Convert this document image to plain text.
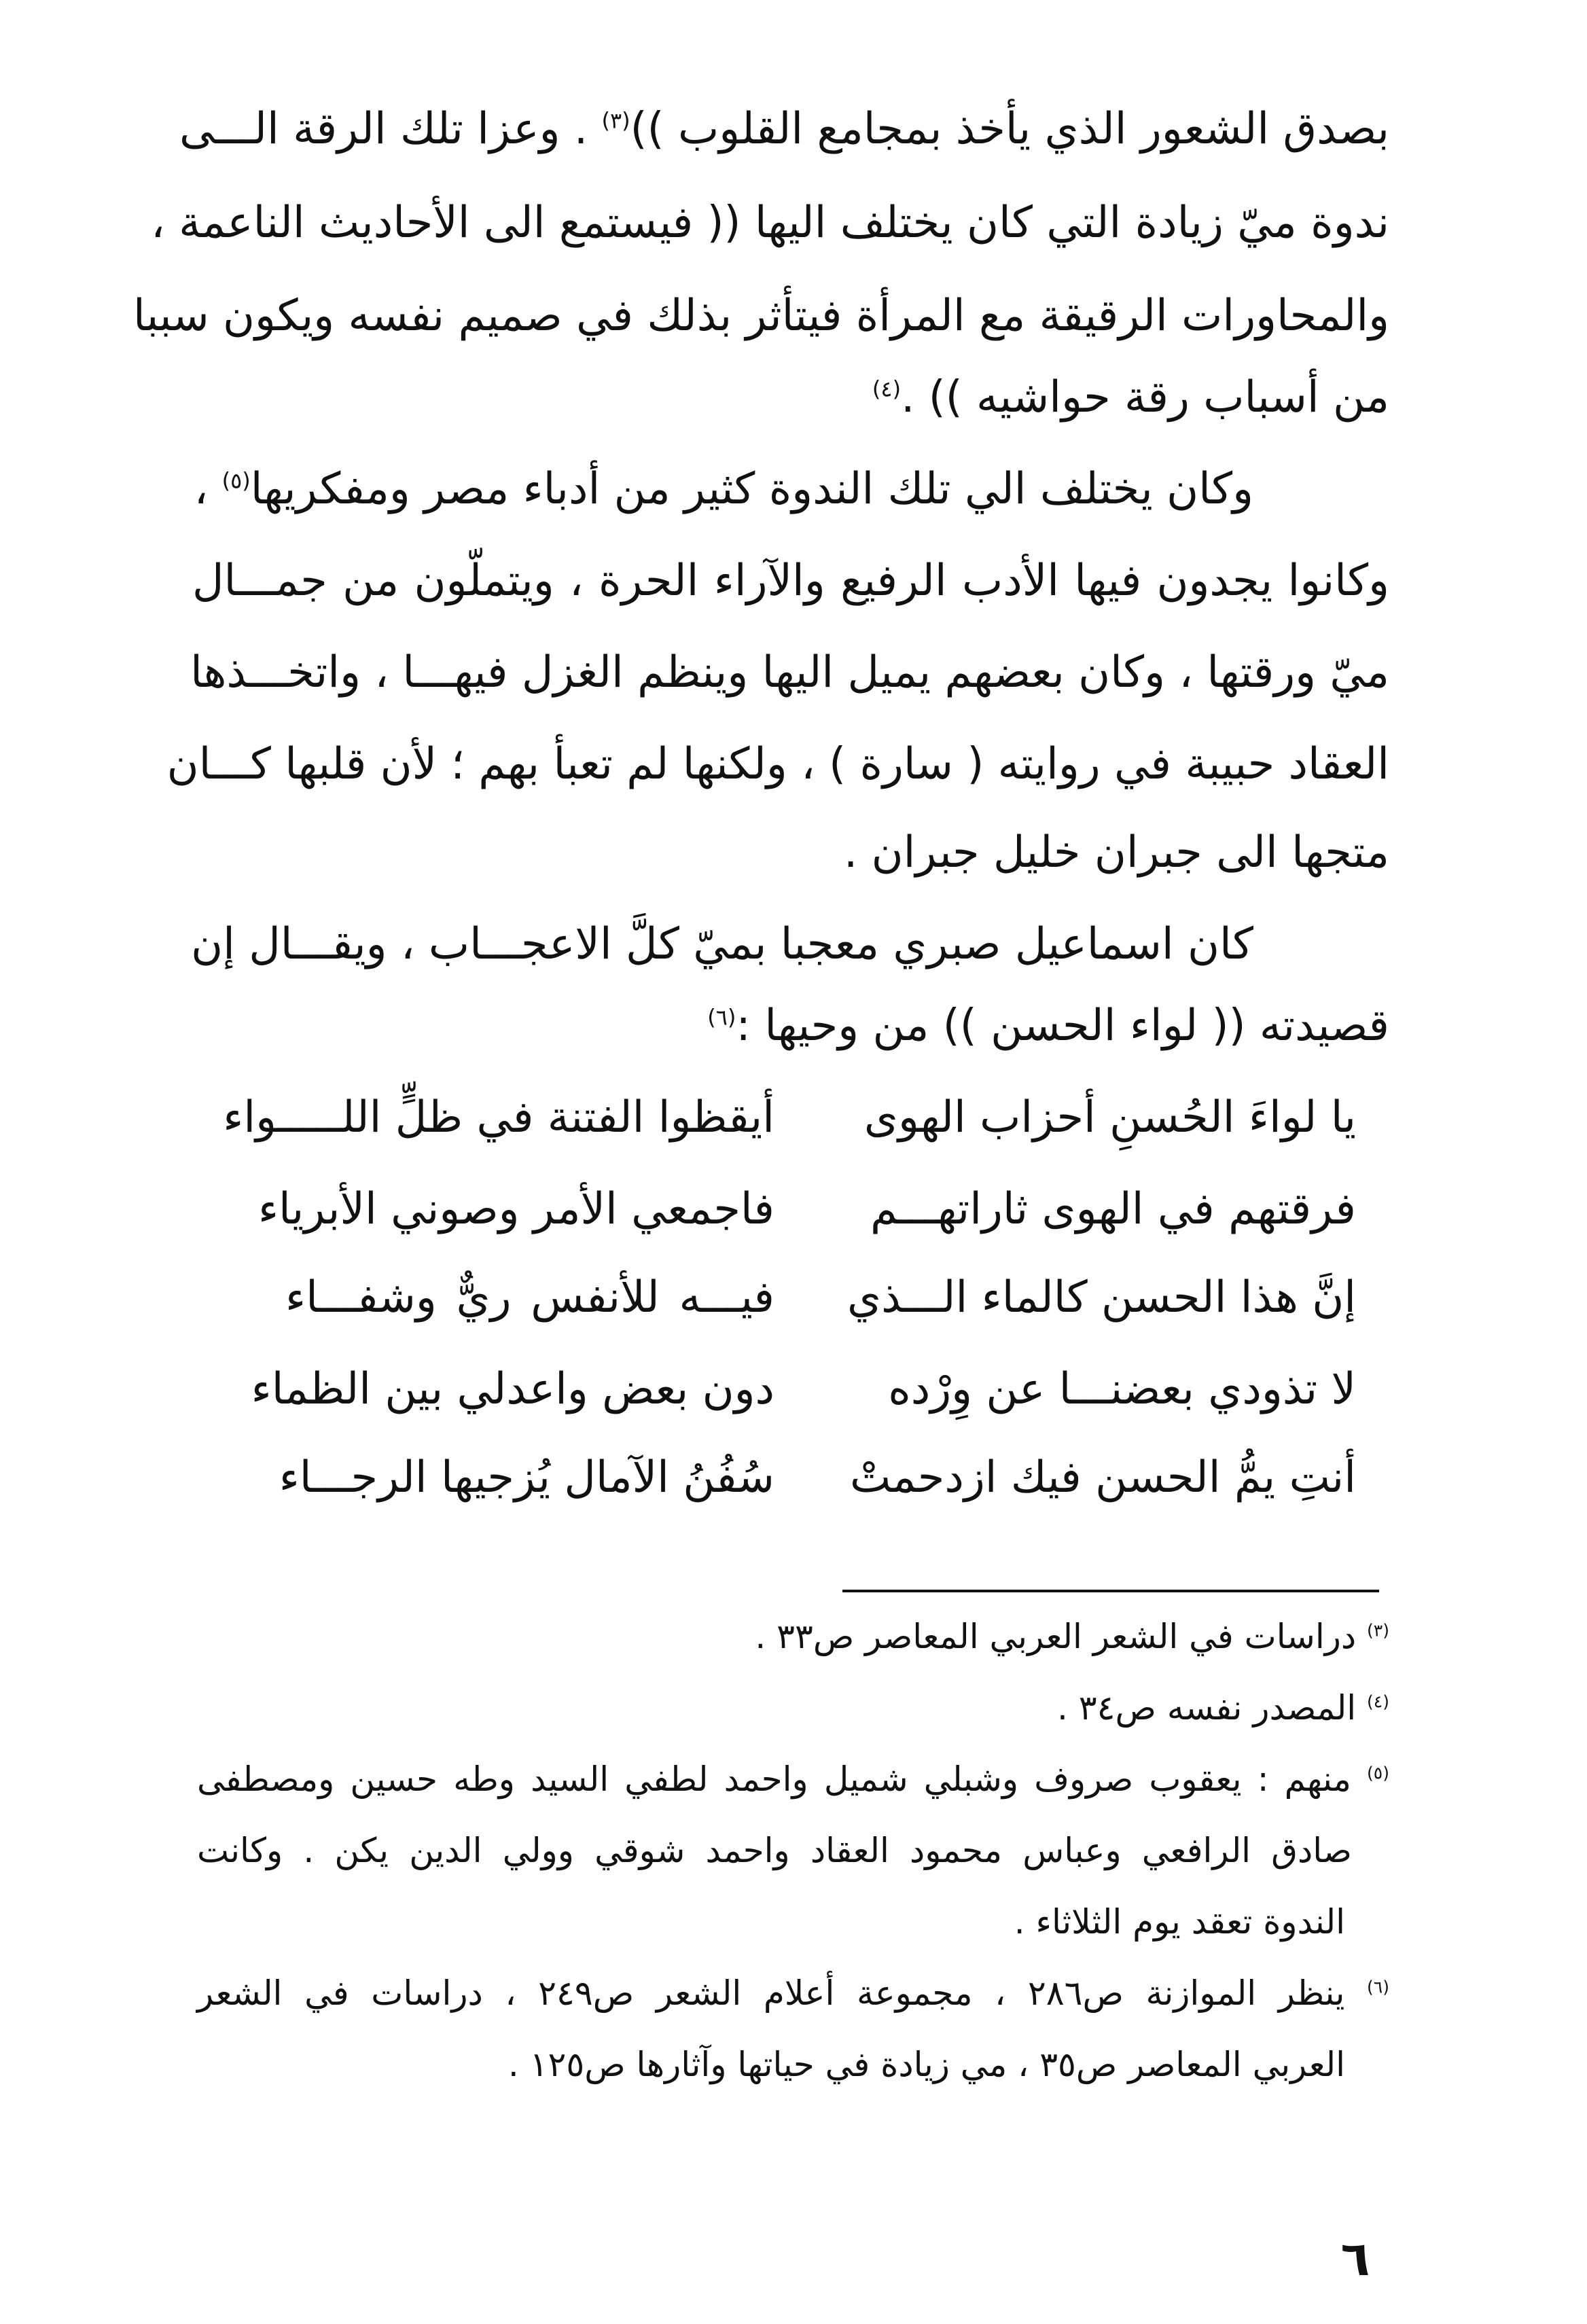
بصدق الشعور الذي يأخذ بمجامع القلوب ))$^{(٣)}$ . وعزا تلك الرقة الـــى

ندوة ميّ زيادة التي كان يختلف اليها (( فيستمع الى الأحاديث الناعمة ،

والمحاورات الرقيقة مع المرأة فيتأثر بذلك في صميم نفسه ويكون سببا

من أسباب رقة حواشيه )) .$^{(٤)}$

وكان يختلف الي تلك الندوة كثير من أدباء مصر ومفكريها$^{(٥)}$ ،

وكانوا يجدون فيها الأدب الرفيع والآراء الحرة ، ويتملّون من جمـــال

ميّ ورقتها ، وكان بعضهم يميل اليها وينظم الغزل فيهـــا ، واتخـــذها

العقاد حبيبة في روايته ( سارة ) ، ولكنها لم تعبأ بهم ؛ لأن قلبها كـــان

متجها الى جبران خليل جبران .

كان اسماعيل صبري معجبا بميّ كلَّ الاعجـــاب ، ويقـــال إن

قصيدته (( لواء الحسن )) من وحيها :$^{(٦)}$

يا لواءَ الحُسنِ أحزاب الهوى

أيقظوا الفتنة في ظلٍّ اللـــــواء

فرقتهم في الهوى ثاراتهـــم

فاجمعي الأمر وصوني الأبرياء

إنَّ هذا الحسن كالماء الـــذي

فيـــه للأنفس ريٌّ وشفـــاء

لا تذودي بعضنـــا عن وِرْده

دون بعض واعدلي بين الظماء

أنتِ يمُّ الحسن فيك ازدحمتْ

سُفُنُ الآمال يُزجيها الرجـــاء

$^{(٣)}$ دراسات في الشعر العربي المعاصر ص٣٣ .

$^{(٤)}$ المصدر نفسه ص٣٤ .

$^{(٥)}$ منهم : يعقوب صروف وشبلي شميل واحمد لطفي السيد وطه حسين ومصطفى

صادق الرافعي وعباس محمود العقاد واحمد شوقي وولي الدين يكن . وكانت

الندوة تعقد يوم الثلاثاء .

$^{(٦)}$ ينظر الموازنة ص٢٨٦ ، مجموعة أعلام الشعر ص٢٤٩ ، دراسات في الشعر

العربي المعاصر ص٣٥ ، مي زيادة في حياتها وآثارها ص١٢٥ .

٦
